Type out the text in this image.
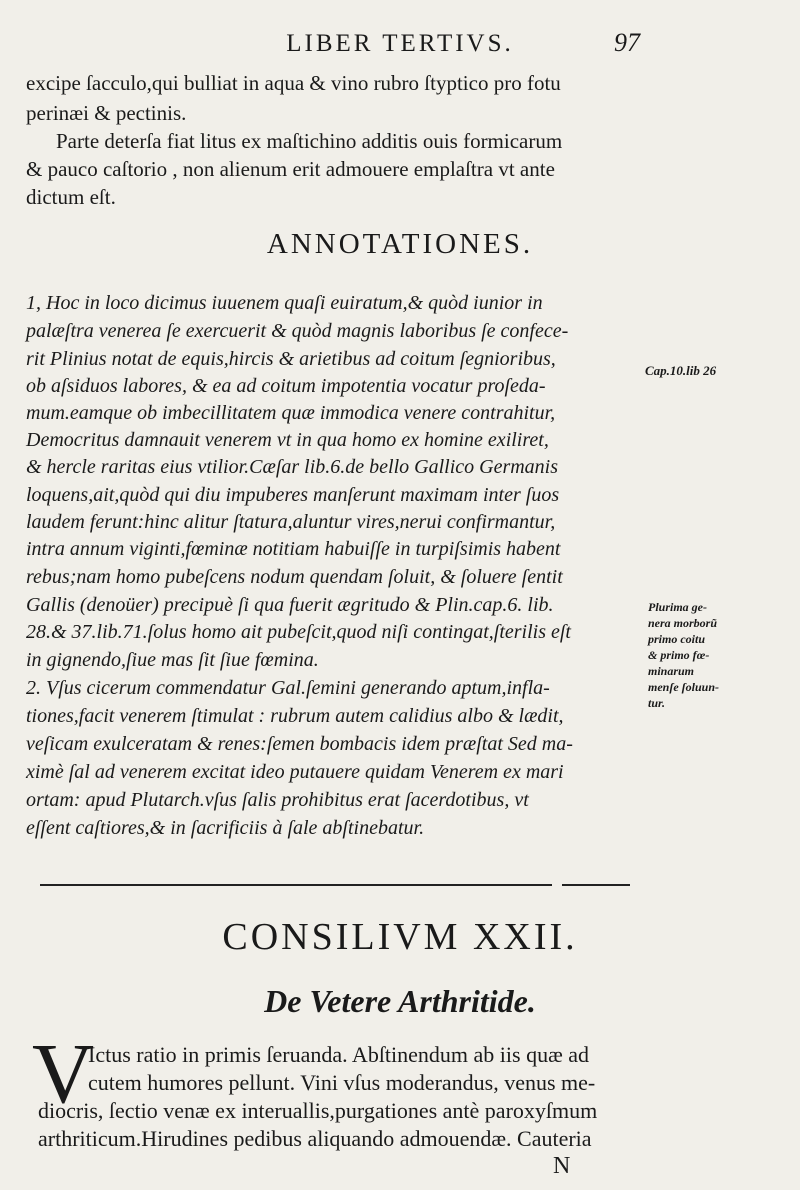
LIBER TERTIVS.	97
excipe ſacculo,qui bulliat in aqua & vino rubro ſtyptico pro fotu
perinæi & pectinis.
Parte deterſa fiat litus ex maſtichino additis ouis formicarum
& pauco caſtorio , non alienum erit admouere emplaſtra vt ante
dictum eſt.
ANNOTATIONES.
1, Hoc in loco dicimus iuuenem quaſi euiratum,& quòd iunior in
palæſtra venerea ſe exercuerit & quòd magnis laboribus ſe confece-
rit Plinius notat de equis,hircis & arietibus ad coitum ſegnioribus,
ob aſsiduos labores, & ea ad coitum impotentia vocatur proſeda-
mum.eamque ob imbecillitatem quæ immodica venere contrahitur,
Democritus damnauit venerem vt in qua homo ex homine exiliret,
& hercle raritas eius vtilior.Cæſar lib.6.de bello Gallico Germanis
loquens,ait,quòd qui diu impuberes manſerunt maximam inter ſuos
laudem ferunt:hinc alitur ſtatura,aluntur vires,nerui confirmantur,
intra annum viginti,fœminæ notitiam habuiſſe in turpiſsimis habent
rebus;nam homo pubeſcens nodum quendam ſoluit, & ſoluere ſentit
Gallis (denoüer) precipuè ſi qua fuerit ægritudo & Plin.cap.6. lib.
28.& 37.lib.71.ſolus homo ait pubeſcit,quod niſi contingat,ſterilis eſt
in gignendo,ſiue mas ſit ſiue fœmina.
2. Vſus cicerum commendatur Gal.ſemini generando aptum,infla-
tiones,facit venerem ſtimulat : rubrum autem calidius albo & lædit,
veſicam exulceratam & renes:ſemen bombacis idem præſtat Sed ma-
ximè ſal ad venerem excitat ideo putauere quidam Venerem ex mari
ortam: apud Plutarch.vſus ſalis prohibitus erat ſacerdotibus, vt
eſſent caſtiores,& in ſacrificiis à ſale abſtinebatur.
Cap.10.lib 26
Plurima ge-
nera morborũ
primo coitu
& primo fœ-
minarum
menſe ſoluun-
tur.
CONSILIVM XXII.
De Vetere Arthritide.
V
Ictus ratio in primis ſeruanda. Abſtinendum ab iis quæ ad
cutem humores pellunt. Vini vſus moderandus, venus me-
diocris, ſectio venæ ex interuallis,purgationes antè paroxyſmum
arthriticum.Hirudines pedibus aliquando admouendæ. Cauteria
N
